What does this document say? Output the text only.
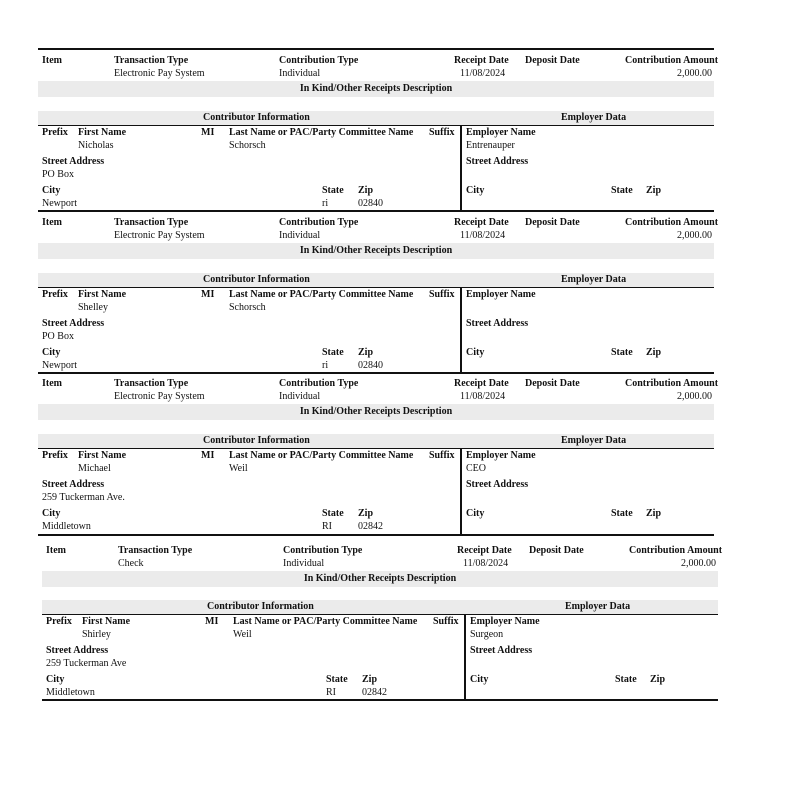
Item	Transaction Type	Contribution Type	Receipt Date Deposit Date	Contribution Amount
Electronic Pay System	Individual	11/08/2024	2,000.00
In Kind/Other Receipts Description
Contributor Information	Employer Data
Prefix First Name	MI Last Name or PAC/Party Committee Name Suffix Employer Name
Nicholas	Schorsch	Entrenauper
Street Address	Street Address
PO Box
City	State Zip	City	State Zip
Newport	ri	02840
Item	Transaction Type	Contribution Type	Receipt Date Deposit Date	Contribution Amount
Electronic Pay System	Individual	11/08/2024	2,000.00
In Kind/Other Receipts Description
Contributor Information	Employer Data
Prefix First Name	MI Last Name or PAC/Party Committee Name Suffix Employer Name
Shelley	Schorsch
Street Address	Street Address
PO Box
City	State Zip	City	State Zip
Newport	ri	02840
Item	Transaction Type	Contribution Type	Receipt Date Deposit Date	Contribution Amount
Electronic Pay System	Individual	11/08/2024	2,000.00
In Kind/Other Receipts Description
Contributor Information	Employer Data
Prefix First Name	MI Last Name or PAC/Party Committee Name Suffix Employer Name
Michael	Weil	CEO
Street Address	Street Address
259 Tuckerman Ave.
City	State Zip	City	State Zip
Middletown	RI	02842
Item	Transaction Type	Contribution Type	Receipt Date Deposit Date	Contribution Amount
Check	Individual	11/08/2024	2,000.00
In Kind/Other Receipts Description
Contributor Information	Employer Data
Prefix First Name	MI Last Name or PAC/Party Committee Name Suffix Employer Name
Shirley	Weil	Surgeon
Street Address	Street Address
259 Tuckerman Ave
City	State Zip	City	State Zip
Middletown	RI	02842
